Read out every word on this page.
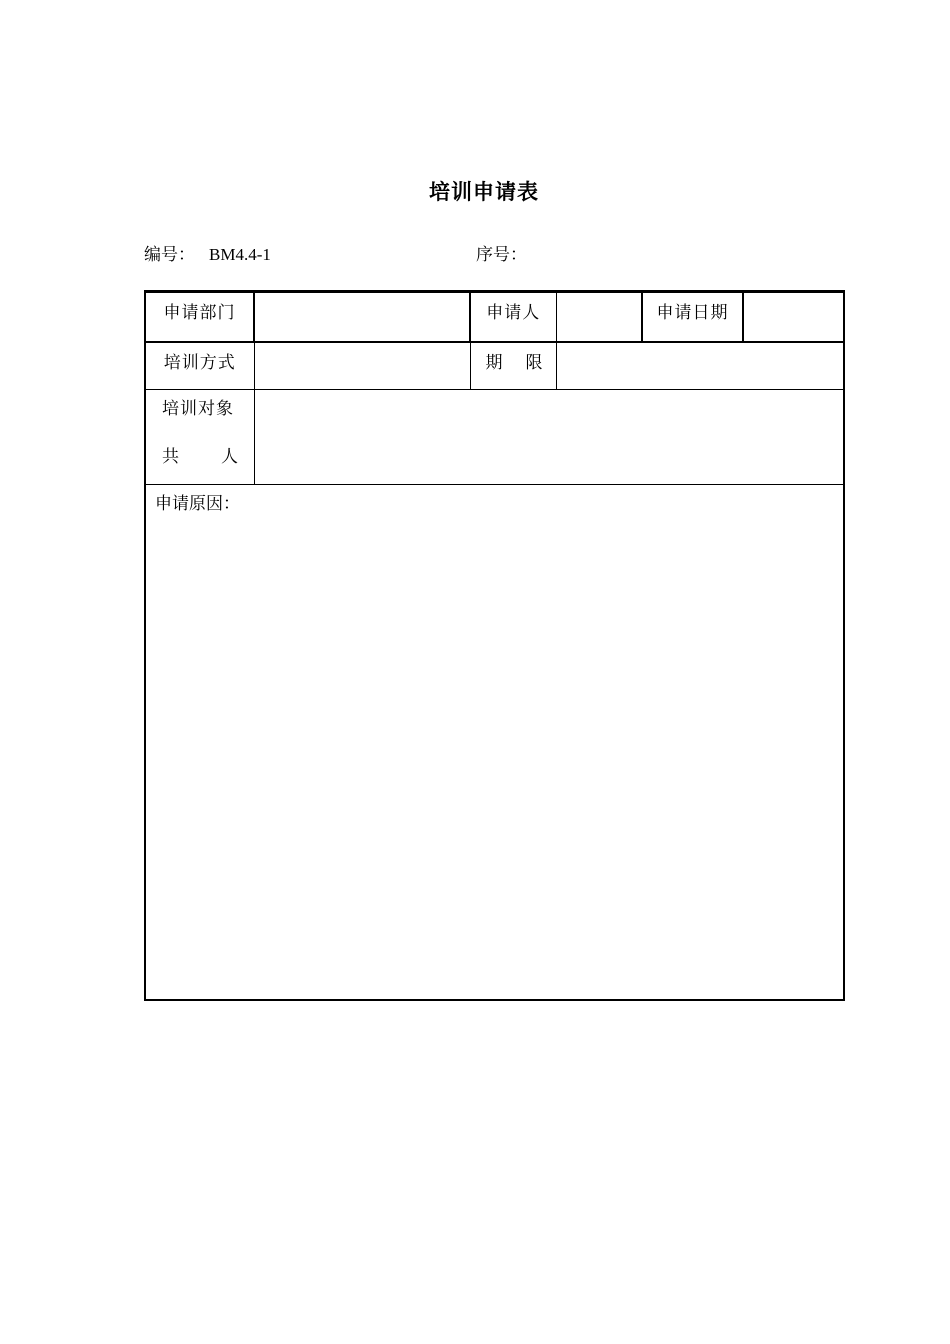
培训申请表
编号： BM4.4-1	序号：
申请部门		申请人		申请日期	

培训方式		期 限			

培训对象
共 人					

申请原因：					
